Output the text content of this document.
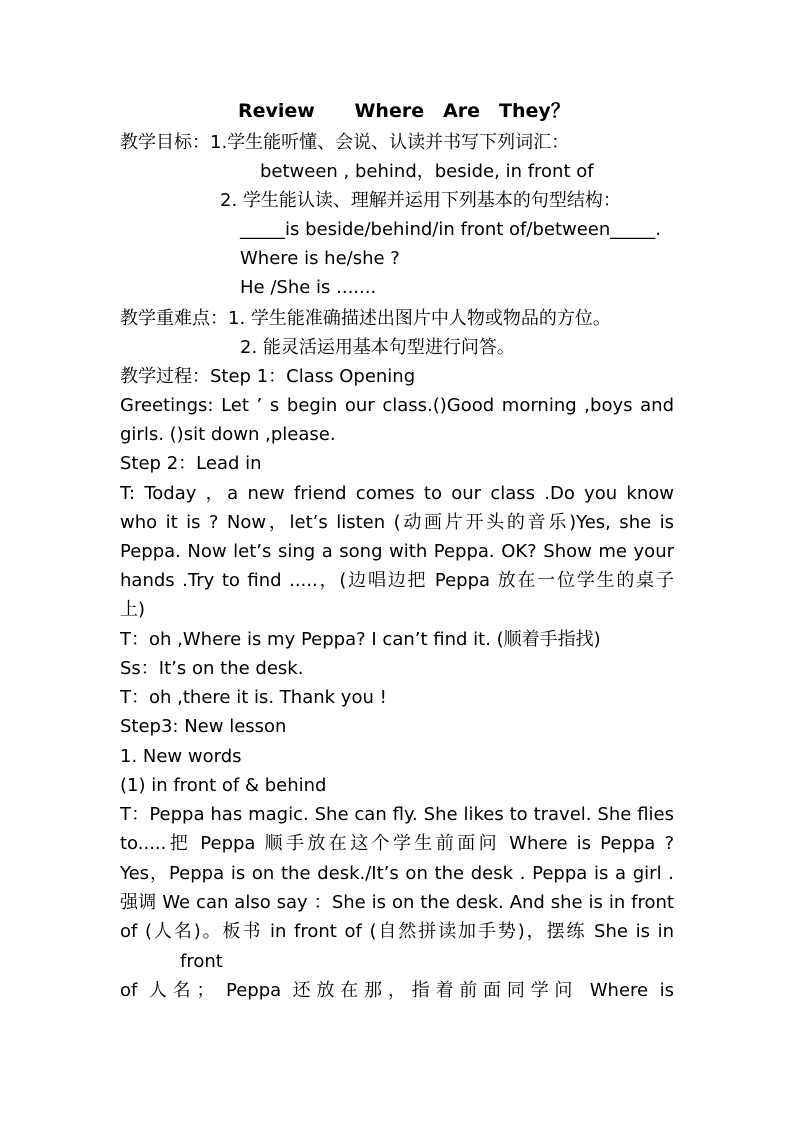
Review　 Where　Are　They？
教学目标：1.学生能听懂、会说、认读并书写下列词汇：
between , behind，beside, in front of
2. 学生能认读、理解并运用下列基本的句型结构：
_____is beside/behind/in front of/between_____.
Where is he/she ?
He /She is .......
教学重难点：1. 学生能准确描述出图片中人物或物品的方位。
2. 能灵活运用基本句型进行问答。
教学过程：Step 1：Class Opening
Greetings: Let ’ s begin our class.()Good morning ,boys and
girls. ()sit down ,please.
Step 2：Lead in
T: Today ，a new friend comes to our class .Do you know
who it is ? Now，let’s listen (动画片开头的音乐)Yes, she is
Peppa. Now let’s sing a song with Peppa. OK? Show me your
hands .Try to find .....，(边唱边把 Peppa 放在一位学生的桌子
上)
T：oh ,Where is my Peppa? I can’t find it. (顺着手指找)
Ss：It’s on the desk.
T：oh ,there it is. Thank you !
Step3: New lesson
1. New words
(1) in front of & behind
T：Peppa has magic. She can fly. She likes to travel. She flies
to.....把 Peppa 顺手放在这个学生前面问 Where is Peppa ?
Yes，Peppa is on the desk./It’s on the desk . Peppa is a girl .
强调 We can also say ：She is on the desk. And she is in front
of (人名)。板书 in front of (自然拼读加手势)，摆练 She is in
front
of 人名； Peppa 还放在那，指着前面同学问 Where is
